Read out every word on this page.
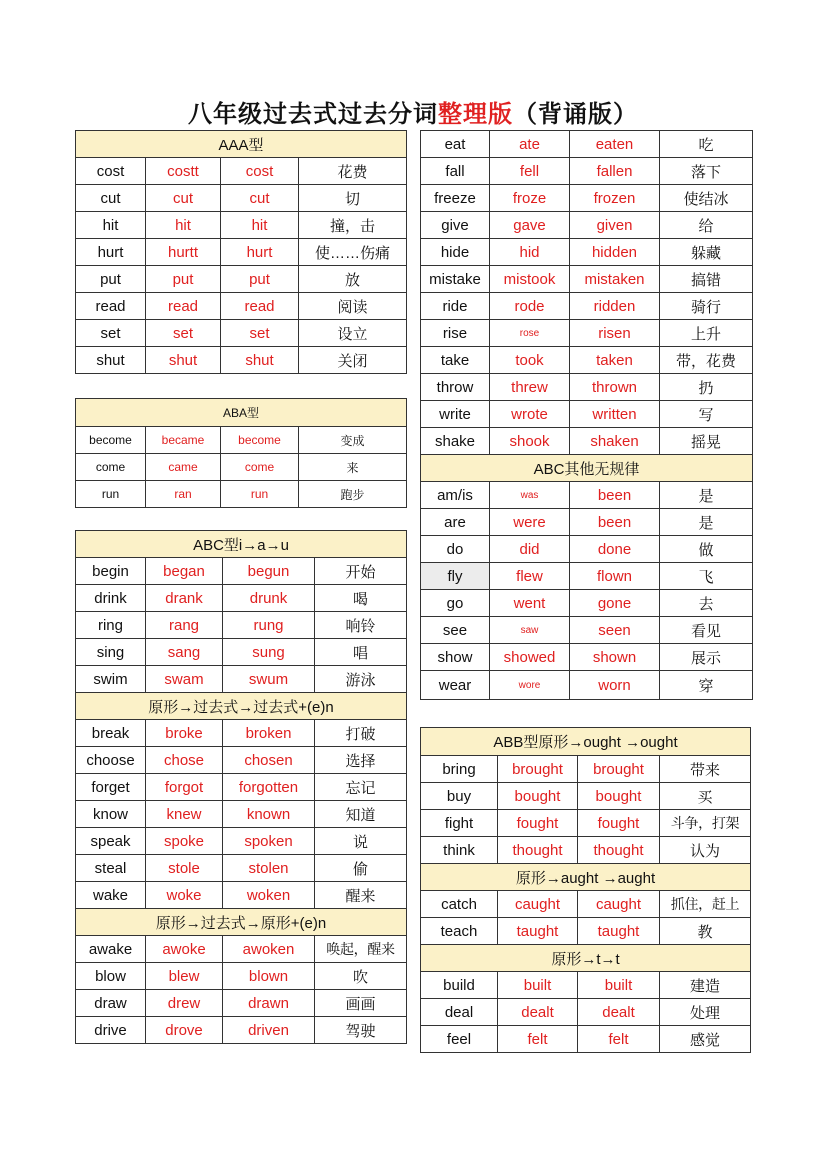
八年级过去式过去分词整理版（背诵版）
AAA型			
cost	costt	cost	花费
cut	cut	cut	切
hit	hit	hit	撞，击
hurt	hurtt	hurt	使……伤痛
put	put	put	放
read	read	read	阅读
set	set	set	设立
shut	shut	shut	关闭
ABA型			
become	became	become	变成
come	came	come	来
run	ran	run	跑步
ABC型i→a→u			
begin	began	begun	开始
drink	drank	drunk	喝
ring	rang	rung	响铃
sing	sang	sung	唱
swim	swam	swum	游泳
原形→过去式→过去式+(e)n			
break	broke	broken	打破
choose	chose	chosen	选择
forget	forgot	forgotten	忘记
know	knew	known	知道
speak	spoke	spoken	说
steal	stole	stolen	偷
wake	woke	woken	醒来
原形→过去式→原形+(e)n			
awake	awoke	awoken	唤起，醒来
blow	blew	blown	吹
draw	drew	drawn	画画
drive	drove	driven	驾驶
eat	ate	eaten	吃
fall	fell	fallen	落下
freeze	froze	frozen	使结冰
give	gave	given	给
hide	hid	hidden	躲藏
mistake	mistook	mistaken	搞错
ride	rode	ridden	骑行
rise	rose	risen	上升
take	took	taken	带，花费
throw	threw	thrown	扔
write	wrote	written	写
shake	shook	shaken	摇晃
ABC其他无规律			
am/is	was	been	是
are	were	been	是
do	did	done	做
fly	flew	flown	飞
go	went	gone	去
see	saw	seen	看见
show	showed	shown	展示
wear	wore	worn	穿
ABB型原形→ought →ought			
bring	brought	brought	带来
buy	bought	bought	买
fight	fought	fought	斗争，打架
think	thought	thought	认为
原形→aught →aught			
catch	caught	caught	抓住，赶上
teach	taught	taught	教
原形→t→t			
build	built	built	建造
deal	dealt	dealt	处理
feel	felt	felt	感觉
